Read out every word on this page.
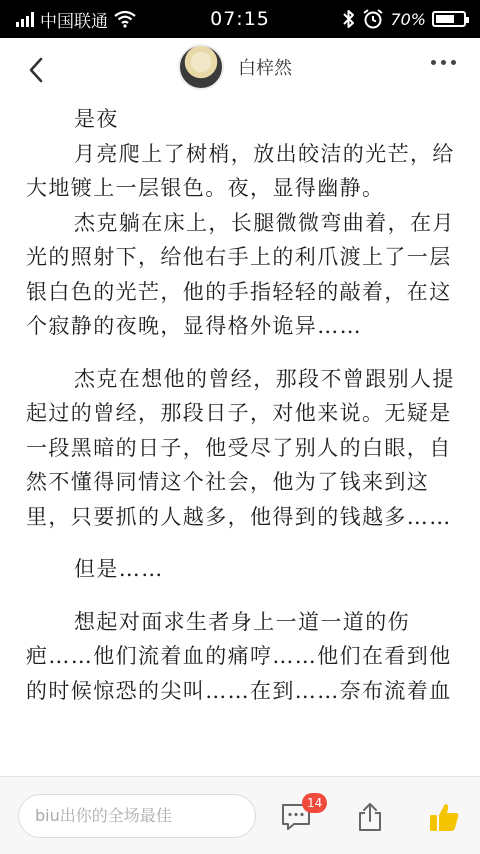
中国联通	07:15	70%
白梓然

是夜

月亮爬上了树梢，放出皎洁的光芒，给大地镀上一层银色。夜，显得幽静。

杰克躺在床上，长腿微微弯曲着，在月光的照射下，给他右手上的利爪渡上了一层银白色的光芒，他的手指轻轻的敲着，在这个寂静的夜晚，显得格外诡异……

杰克在想他的曾经，那段不曾跟别人提起过的曾经，那段日子，对他来说。无疑是一段黑暗的日子，他受尽了别人的白眼，自然不懂得同情这个社会，他为了钱来到这里，只要抓的人越多，他得到的钱越多……

但是……

想起对面求生者身上一道一道的伤疤……他们流着血的痛哼……他们在看到他的时候惊恐的尖叫……在到……奈布流着血

biu出你的全场最佳
14
